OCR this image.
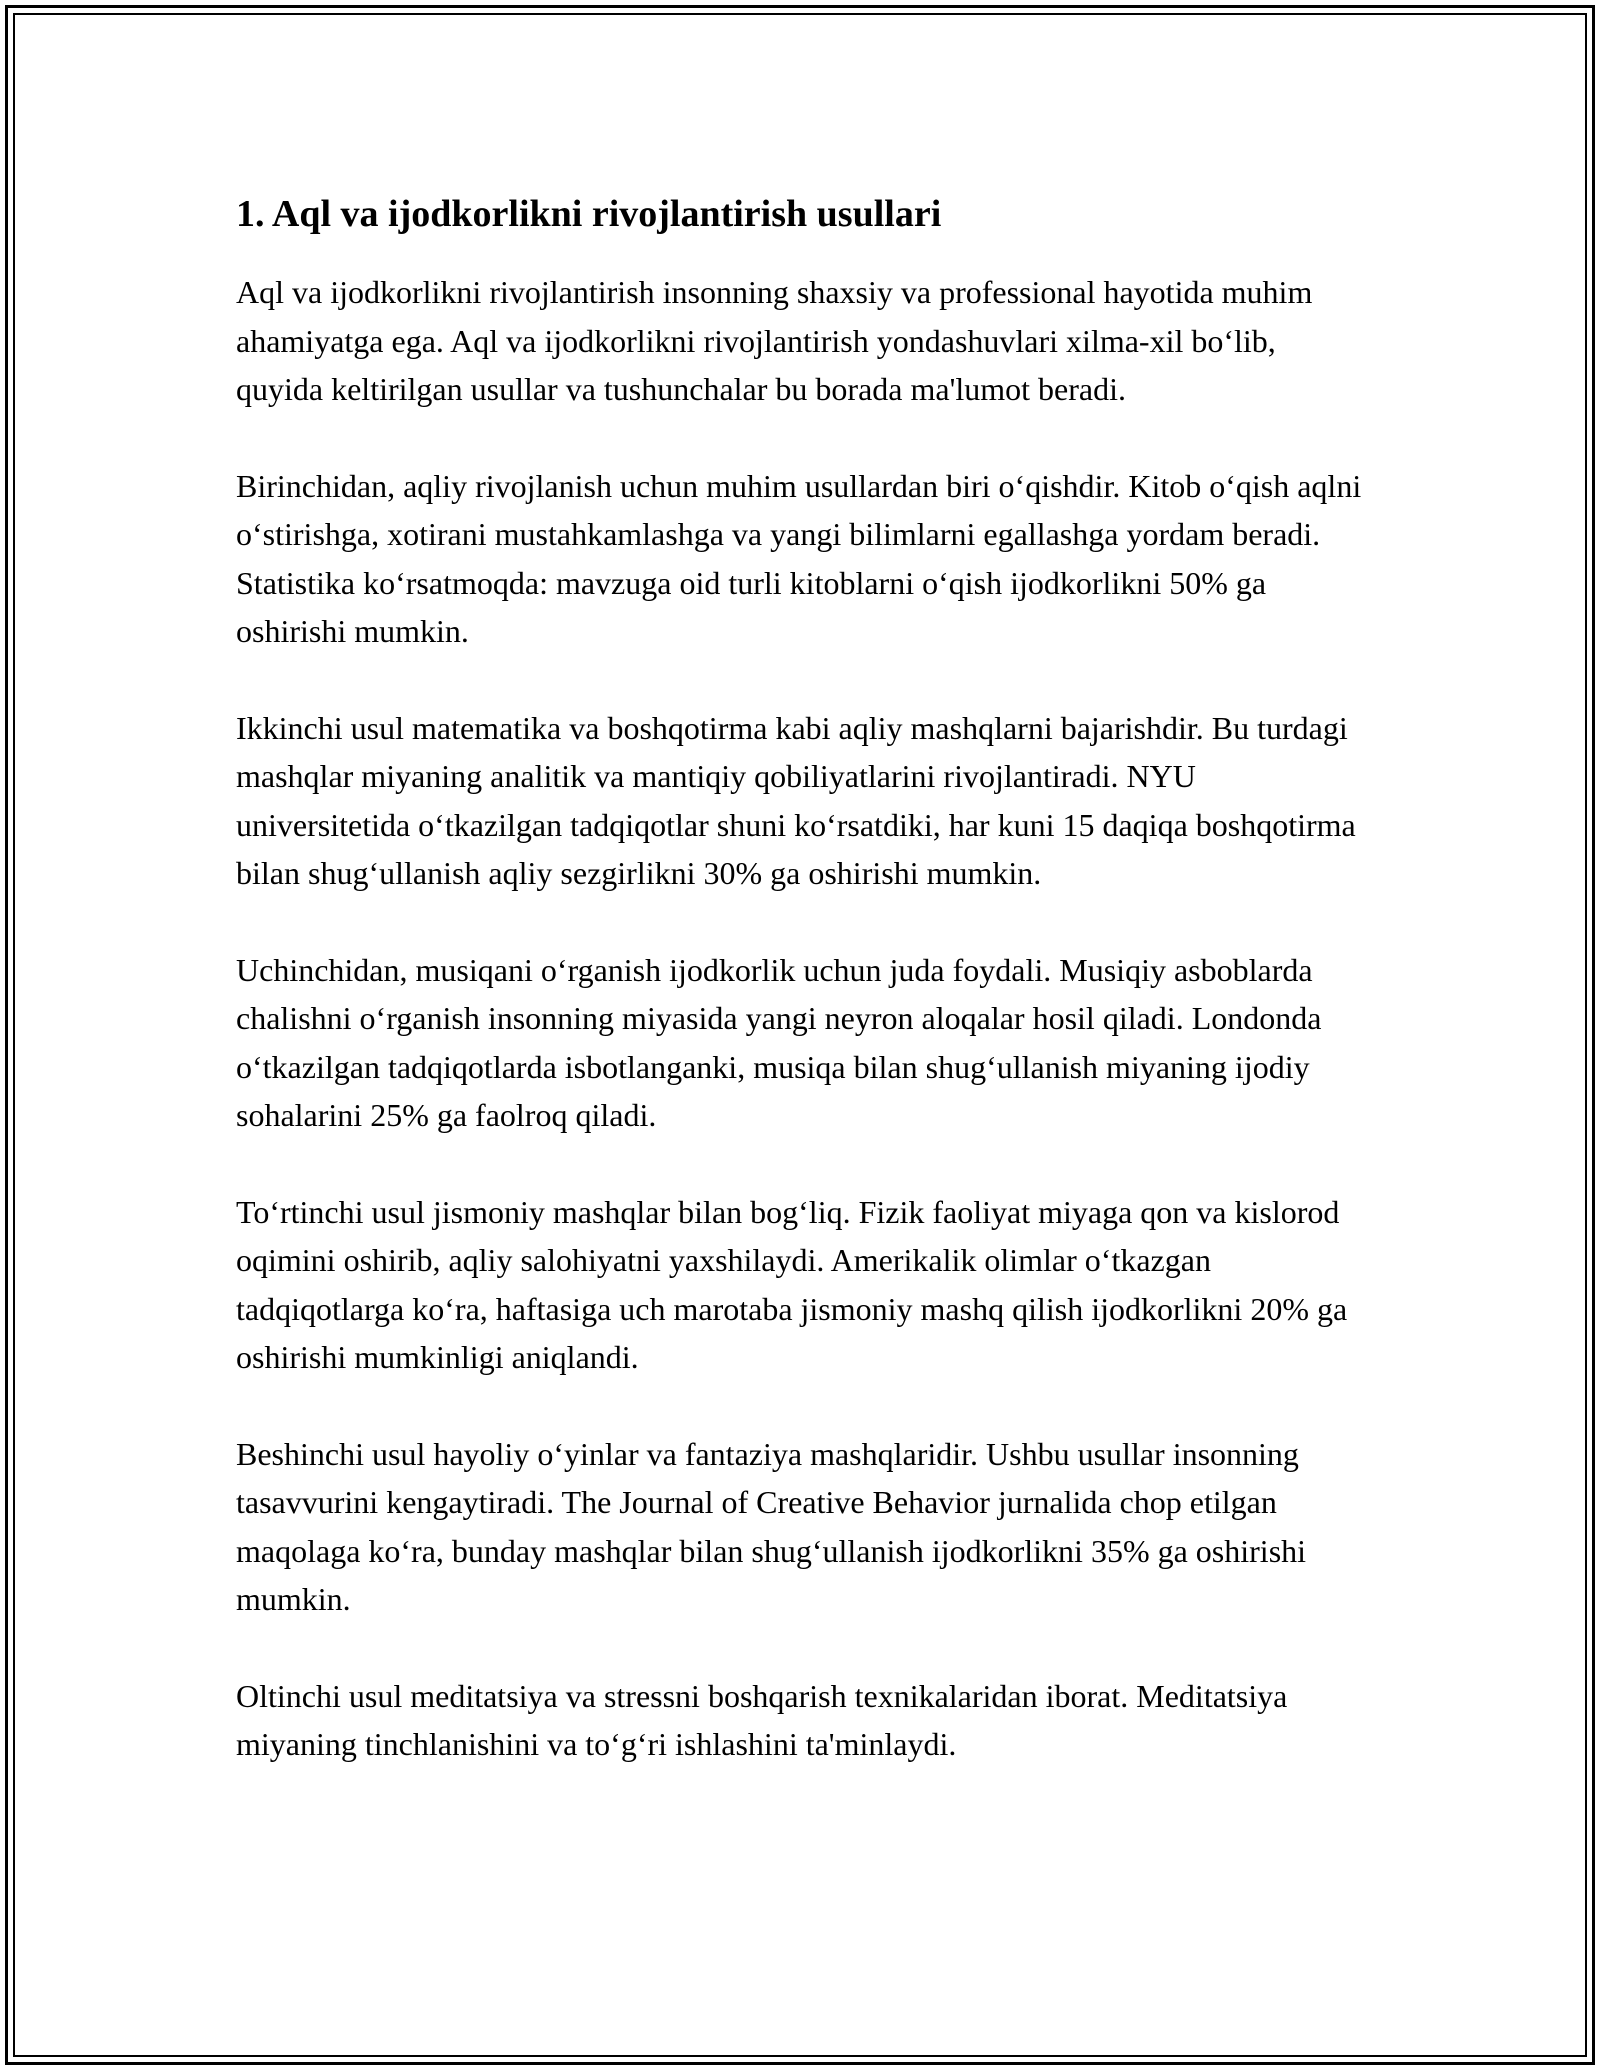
1. Aql va ijodkorlikni rivojlantirish usullari

Aql va ijodkorlikni rivojlantirish insonning shaxsiy va professional hayotida muhim ahamiyatga ega. Aql va ijodkorlikni rivojlantirish yondashuvlari xilma-xil bo‘lib, quyida keltirilgan usullar va tushunchalar bu borada ma'lumot beradi.

Birinchidan, aqliy rivojlanish uchun muhim usullardan biri o‘qishdir. Kitob o‘qish aqlni o‘stirishga, xotirani mustahkamlashga va yangi bilimlarni egallashga yordam beradi. Statistika ko‘rsatmoqda: mavzuga oid turli kitoblarni o‘qish ijodkorlikni 50% ga oshirishi mumkin.

Ikkinchi usul matematika va boshqotirma kabi aqliy mashqlarni bajarishdir. Bu turdagi mashqlar miyaning analitik va mantiqiy qobiliyatlarini rivojlantiradi. NYU universitetida o‘tkazilgan tadqiqotlar shuni ko‘rsatdiki, har kuni 15 daqiqa boshqotirma bilan shug‘ullanish aqliy sezgirlikni 30% ga oshirishi mumkin.

Uchinchidan, musiqani o‘rganish ijodkorlik uchun juda foydali. Musiqiy asboblarda chalishni o‘rganish insonning miyasida yangi neyron aloqalar hosil qiladi. Londonda o‘tkazilgan tadqiqotlarda isbotlanganki, musiqa bilan shug‘ullanish miyaning ijodiy sohalarini 25% ga faolroq qiladi.

To‘rtinchi usul jismoniy mashqlar bilan bog‘liq. Fizik faoliyat miyaga qon va kislorod oqimini oshirib, aqliy salohiyatni yaxshilaydi. Amerikalik olimlar o‘tkazgan tadqiqotlarga ko‘ra, haftasiga uch marotaba jismoniy mashq qilish ijodkorlikni 20% ga oshirishi mumkinligi aniqlandi.

Beshinchi usul hayoliy o‘yinlar va fantaziya mashqlaridir. Ushbu usullar insonning tasavvurini kengaytiradi. The Journal of Creative Behavior jurnalida chop etilgan maqolaga ko‘ra, bunday mashqlar bilan shug‘ullanish ijodkorlikni 35% ga oshirishi mumkin.

Oltinchi usul meditatsiya va stressni boshqarish texnikalaridan iborat. Meditatsiya miyaning tinchlanishini va to‘g‘ri ishlashini ta'minlaydi.
